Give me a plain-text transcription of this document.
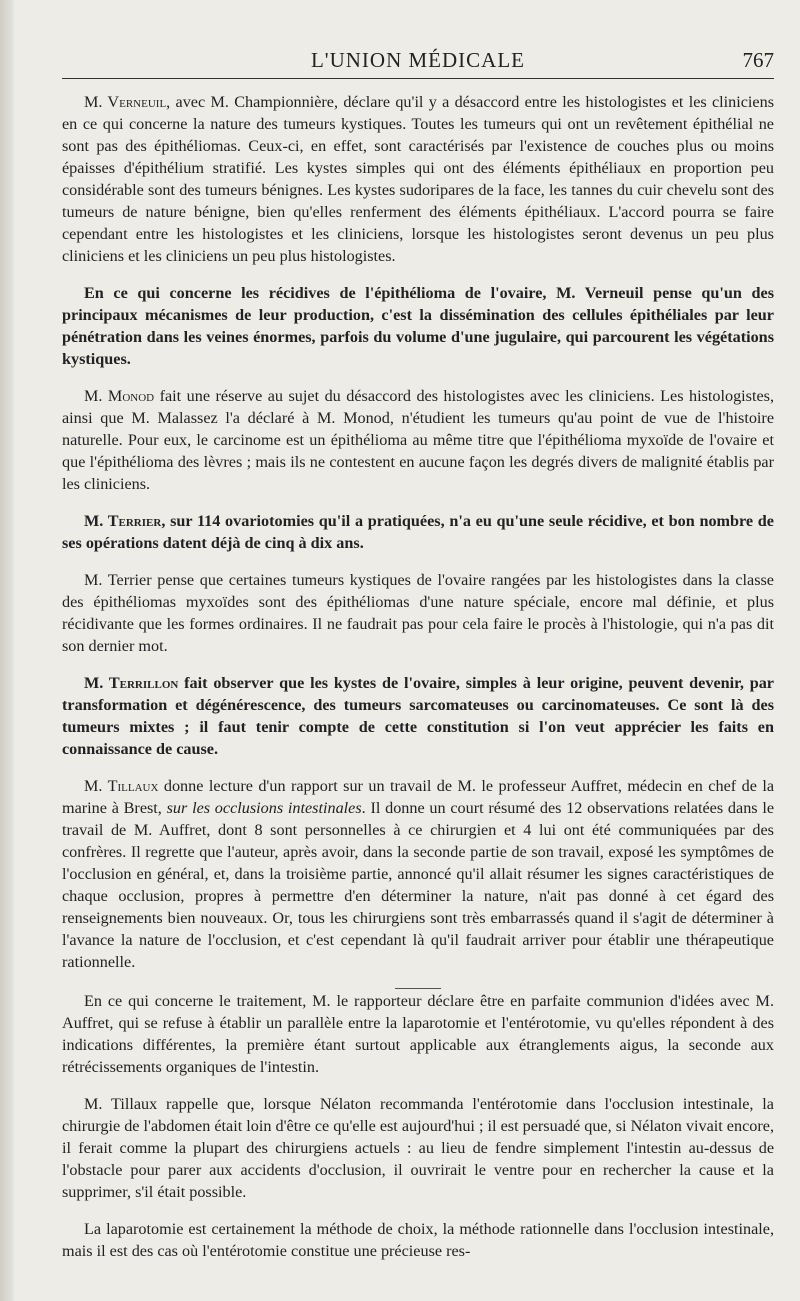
L'UNION MÉDICALE	767

M. Verneuil, avec M. Championnière, déclare qu'il y a désaccord entre les histologistes et les cliniciens en ce qui concerne la nature des tumeurs kystiques. Toutes les tumeurs qui ont un revêtement épithélial ne sont pas des épithéliomas. Ceux-ci, en effet, sont caractérisés par l'existence de couches plus ou moins épaisses d'épithélium stratifié. Les kystes simples qui ont des éléments épithéliaux en proportion peu considérable sont des tumeurs bénignes. Les kystes sudoripares de la face, les tannes du cuir chevelu sont des tumeurs de nature bénigne, bien qu'elles renferment des éléments épithéliaux. L'accord pourra se faire cependant entre les histologistes et les cliniciens, lorsque les histologistes seront devenus un peu plus cliniciens et les cliniciens un peu plus histologistes.

En ce qui concerne les récidives de l'épithélioma de l'ovaire, M. Verneuil pense qu'un des principaux mécanismes de leur production, c'est la dissémination des cellules épithéliales par leur pénétration dans les veines énormes, parfois du volume d'une jugulaire, qui parcourent les végétations kystiques.

M. Monod fait une réserve au sujet du désaccord des histologistes avec les cliniciens. Les histologistes, ainsi que M. Malassez l'a déclaré à M. Monod, n'étudient les tumeurs qu'au point de vue de l'histoire naturelle. Pour eux, le carcinome est un épithélioma au même titre que l'épithélioma myxoïde de l'ovaire et que l'épithélioma des lèvres ; mais ils ne contestent en aucune façon les degrés divers de malignité établis par les cliniciens.

M. Terrier, sur 114 ovariotomies qu'il a pratiquées, n'a eu qu'une seule récidive, et bon nombre de ses opérations datent déjà de cinq à dix ans.

M. Terrier pense que certaines tumeurs kystiques de l'ovaire rangées par les histologistes dans la classe des épithéliomas myxoïdes sont des épithéliomas d'une nature spéciale, encore mal définie, et plus récidivante que les formes ordinaires. Il ne faudrait pas pour cela faire le procès à l'histologie, qui n'a pas dit son dernier mot.

M. Terrillon fait observer que les kystes de l'ovaire, simples à leur origine, peuvent devenir, par transformation et dégénérescence, des tumeurs sarcomateuses ou carcinomateuses. Ce sont là des tumeurs mixtes ; il faut tenir compte de cette constitution si l'on veut apprécier les faits en connaissance de cause.

M. Tillaux donne lecture d'un rapport sur un travail de M. le professeur Auffret, médecin en chef de la marine à Brest, sur les occlusions intestinales. Il donne un court résumé des 12 observations relatées dans le travail de M. Auffret, dont 8 sont personnelles à ce chirurgien et 4 lui ont été communiquées par des confrères. Il regrette que l'auteur, après avoir, dans la seconde partie de son travail, exposé les symptômes de l'occlusion en général, et, dans la troisième partie, annoncé qu'il allait résumer les signes caractéristiques de chaque occlusion, propres à permettre d'en déterminer la nature, n'ait pas donné à cet égard des renseignements bien nouveaux. Or, tous les chirurgiens sont très embarrassés quand il s'agit de déterminer à l'avance la nature de l'occlusion, et c'est cependant là qu'il faudrait arriver pour établir une thérapeutique rationnelle.

En ce qui concerne le traitement, M. le rapporteur déclare être en parfaite communion d'idées avec M. Auffret, qui se refuse à établir un parallèle entre la laparotomie et l'entérotomie, vu qu'elles répondent à des indications différentes, la première étant surtout applicable aux étranglements aigus, la seconde aux rétrécissements organiques de l'intestin.

M. Tillaux rappelle que, lorsque Nélaton recommanda l'entérotomie dans l'occlusion intestinale, la chirurgie de l'abdomen était loin d'être ce qu'elle est aujourd'hui ; il est persuadé que, si Nélaton vivait encore, il ferait comme la plupart des chirurgiens actuels : au lieu de fendre simplement l'intestin au-dessus de l'obstacle pour parer aux accidents d'occlusion, il ouvrirait le ventre pour en rechercher la cause et la supprimer, s'il était possible.

La laparotomie est certainement la méthode de choix, la méthode rationnelle dans l'occlusion intestinale, mais il est des cas où l'entérotomie constitue une précieuse res-
